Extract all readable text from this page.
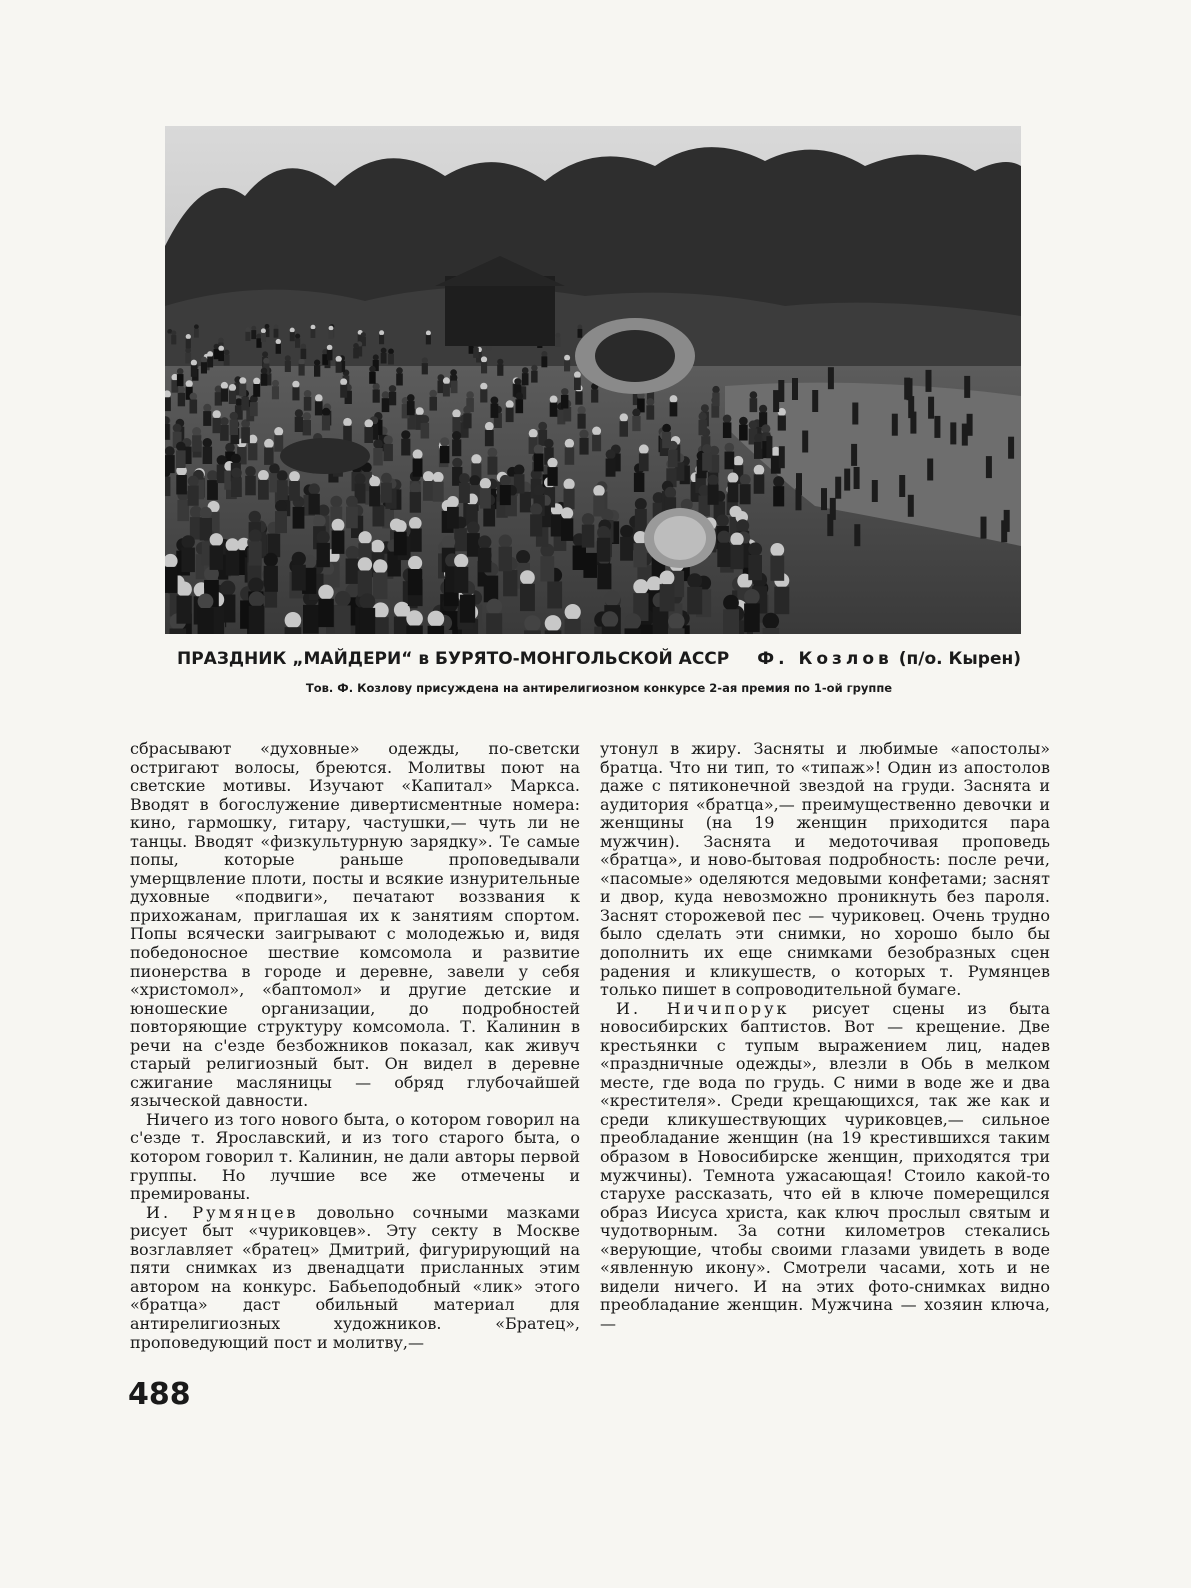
ПРАЗДНИК „МАЙДЕРИ“ в БУРЯТО-МОНГОЛЬСКОЙ АССР Ф. Козлов (п/о. Кырен)
Тов. Ф. Козлову присуждена на антирелигиозном конкурсе 2-ая премия по 1-ой группе

сбрасывают «духовные» одежды, по-светски остригают волосы, бреются. Молитвы поют на светские мотивы. Изучают «Капитал» Маркса. Вводят в богослужение дивертисментные номера: кино, гармошку, гитару, частушки,— чуть ли не танцы. Вводят «физкультурную зарядку». Те самые попы, которые раньше проповедывали умерщвление плоти, посты и всякие изнурительные духовные «подвиги», печатают воззвания к прихожанам, приглашая их к занятиям спортом. Попы всячески заигрывают с молодежью и, видя победоносное шествие комсомола и развитие пионерства в городе и деревне, завели у себя «христомол», «баптомол» и другие детские и юношеские организации, до подробностей повторяющие структуру комсомола. Т. Калинин в речи на с'езде безбожников показал, как живуч старый религиозный быт. Он видел в деревне сжигание масляницы — обряд глубочайшей языческой давности.

Ничего из того нового быта, о котором говорил на с'езде т. Ярославский, и из того старого быта, о котором говорил т. Калинин, не дали авторы первой группы. Но лучшие все же отмечены и премированы.

И. Румянцев довольно сочными мазками рисует быт «чуриковцев». Эту секту в Москве возглавляет «братец» Дмитрий, фигурирующий на пяти снимках из двенадцати присланных этим автором на конкурс. Бабьеподобный «лик» этого «братца» даст обильный материал для антирелигиозных художников. «Братец», проповедующий пост и молитву,—

утонул в жиру. Засняты и любимые «апостолы» братца. Что ни тип, то «типаж»! Один из апостолов даже с пятиконечной звездой на груди. Заснята и аудитория «братца»,— преимущественно девочки и женщины (на 19 женщин приходится пара мужчин). Заснята и медоточивая проповедь «братца», и ново-бытовая подробность: после речи, «пасомые» оделяются медовыми конфетами; заснят и двор, куда невозможно проникнуть без пароля. Заснят сторожевой пес — чуриковец. Очень трудно было сделать эти снимки, но хорошо было бы дополнить их еще снимками безобразных сцен радения и кликушеств, о которых т. Румянцев только пишет в сопроводительной бумаге.

И. Ничипорук рисует сцены из быта новосибирских баптистов. Вот — крещение. Две крестьянки с тупым выражением лиц, надев «праздничные одежды», влезли в Обь в мелком месте, где вода по грудь. С ними в воде же и два «крестителя». Среди крещающихся, так же как и среди кликушествующих чуриковцев,— сильное преобладание женщин (на 19 крестившихся таким образом в Новосибирске женщин, приходятся три мужчины). Темнота ужасающая! Стоило какой-то старухе рассказать, что ей в ключе померещился образ Иисуса христа, как ключ прослыл святым и чудотворным. За сотни километров стекались «верующие, чтобы своими глазами увидеть в воде «явленную икону». Смотрели часами, хоть и не видели ничего. И на этих фото-снимках видно преобладание женщин. Мужчина — хозяин ключа,—

488
